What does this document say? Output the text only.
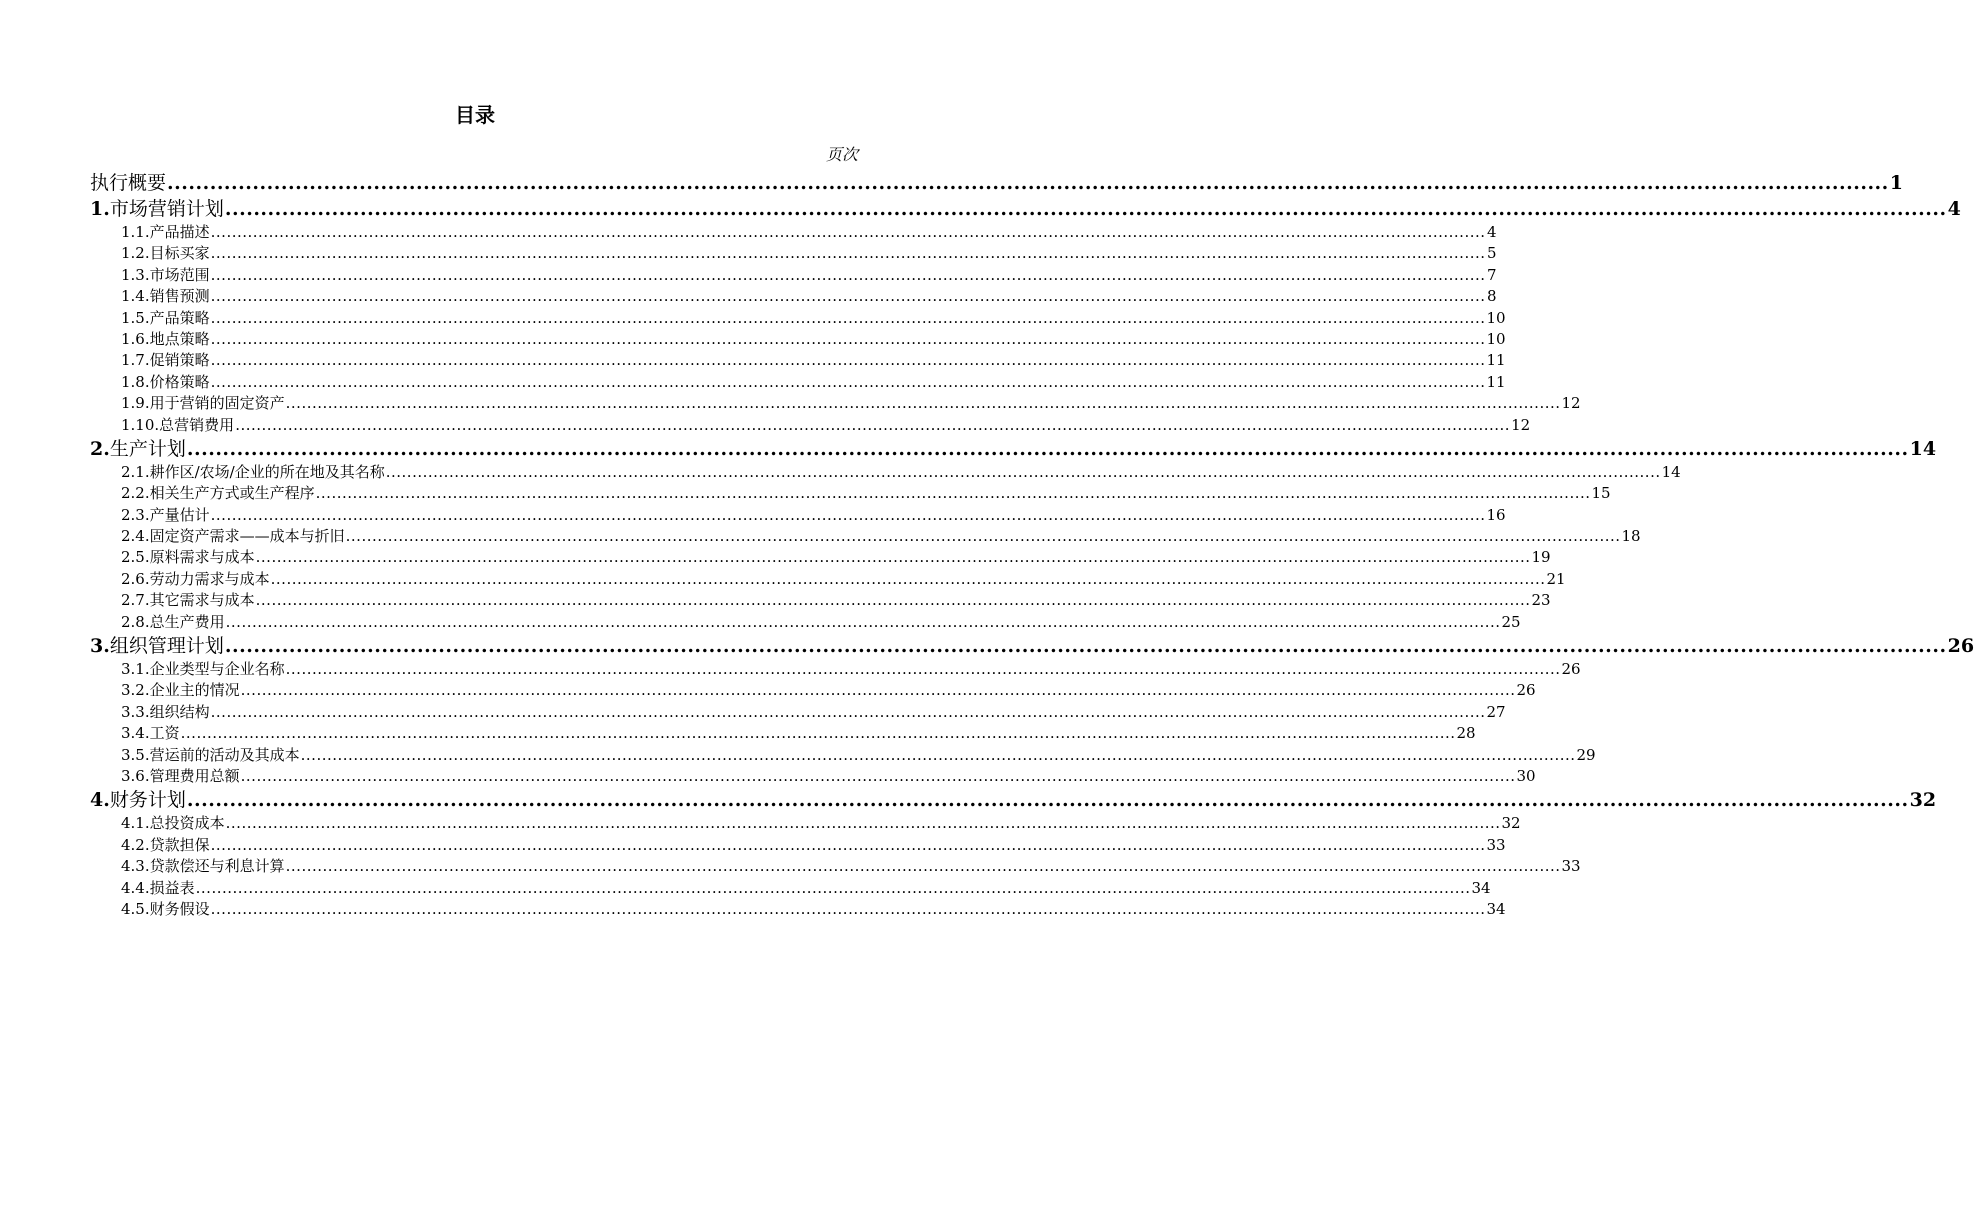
目录
页次
执行概要 .....	1
1. 市场营销计划 .....	4
1.1. 产品描述 .....	4
1.2. 目标买家 .....	5
1.3. 市场范围 .....	7
1.4. 销售预测 .....	8
1.5. 产品策略 .....	10
1.6. 地点策略 .....	10
1.7. 促销策略 .....	11
1.8. 价格策略 .....	11
1.9. 用于营销的固定资产 .....	12
1.10. 总营销费用 .....	12
2. 生产计划 .....	14
2.1. 耕作区/农场/企业的所在地及其名称 .....	14
2.2. 相关生产方式或生产程序 .....	15
2.3. 产量估计 .....	16
2.4. 固定资产需求——成本与折旧 .....	18
2.5. 原料需求与成本 .....	19
2.6. 劳动力需求与成本 .....	21
2.7. 其它需求与成本 .....	23
2.8. 总生产费用 .....	25
3. 组织管理计划 .....	26
3.1. 企业类型与企业名称 .....	26
3.2. 企业主的情况 .....	26
3.3. 组织结构 .....	27
3.4. 工资 .....	28
3.5. 营运前的活动及其成本 .....	29
3.6. 管理费用总额 .....	30
4. 财务计划 .....	32
4.1. 总投资成本 .....	32
4.2. 贷款担保 .....	33
4.3. 贷款偿还与利息计算 .....	33
4.4. 损益表 .....	34
4.5. 财务假设 .....	34
